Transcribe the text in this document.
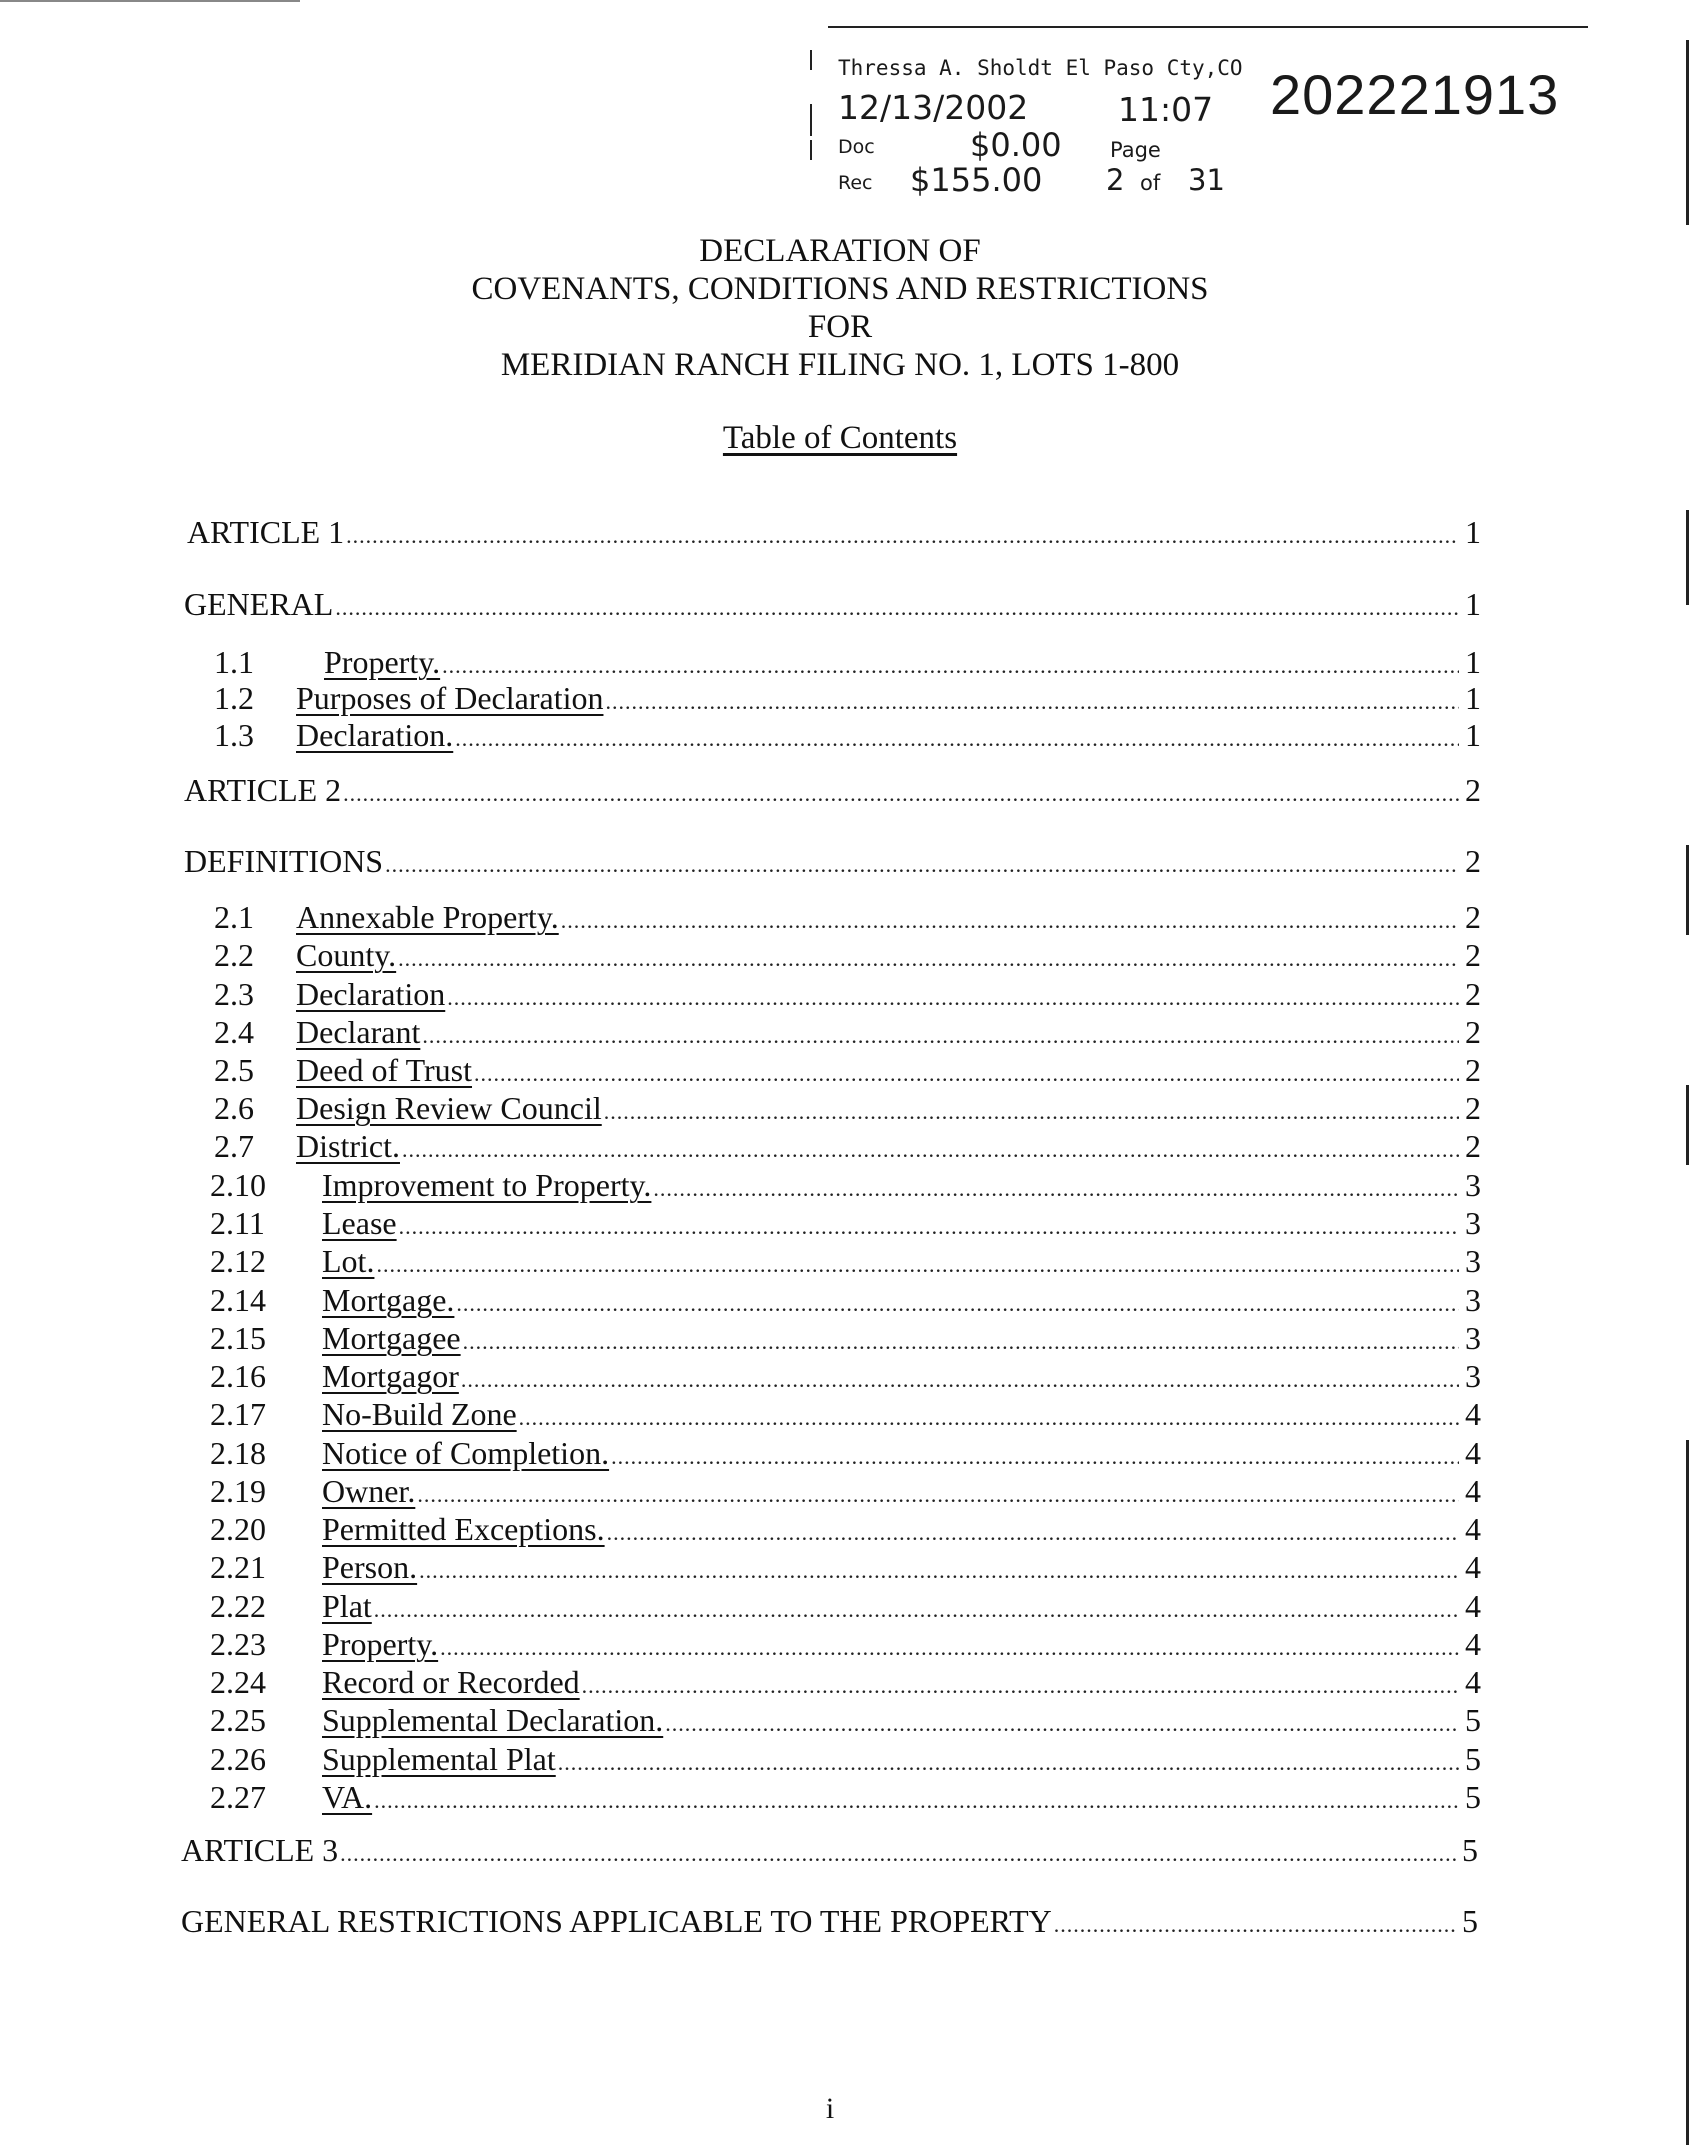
Thressa A. Sholdt El Paso Cty,CO
12/13/2002	11:07
Doc	$0.00 Page
Rec $155.00 2 of 31
202221913
DECLARATION OF
COVENANTS, CONDITIONS AND RESTRICTIONS
FOR
MERIDIAN RANCH FILING NO. 1, LOTS 1-800
Table of Contents
ARTICLE 1 .....	1
GENERAL .....	1
1.1	Property. .....	1
1.2	Purposes of Declaration .....	1
1.3	Declaration. .....	1
ARTICLE 2 .....	2
DEFINITIONS .....	2
2.1	Annexable Property. .....	2
2.2	County. .....	2
2.3	Declaration .....	2
2.4	Declarant .....	2
2.5	Deed of Trust .....	2
2.6	Design Review Council .....	2
2.7	District. .....	2
2.10	Improvement to Property. .....	3
2.11	Lease .....	3
2.12	Lot. .....	3
2.14	Mortgage. .....	3
2.15	Mortgagee .....	3
2.16	Mortgagor .....	3
2.17	No-Build Zone .....	4
2.18	Notice of Completion. .....	4
2.19	Owner. .....	4
2.20	Permitted Exceptions. .....	4
2.21	Person. .....	4
2.22	Plat .....	4
2.23	Property. .....	4
2.24	Record or Recorded .....	4
2.25	Supplemental Declaration. .....	5
2.26	Supplemental Plat .....	5
2.27	VA. .....	5
ARTICLE 3 .....	5
GENERAL RESTRICTIONS APPLICABLE TO THE PROPERTY .....	5
i
